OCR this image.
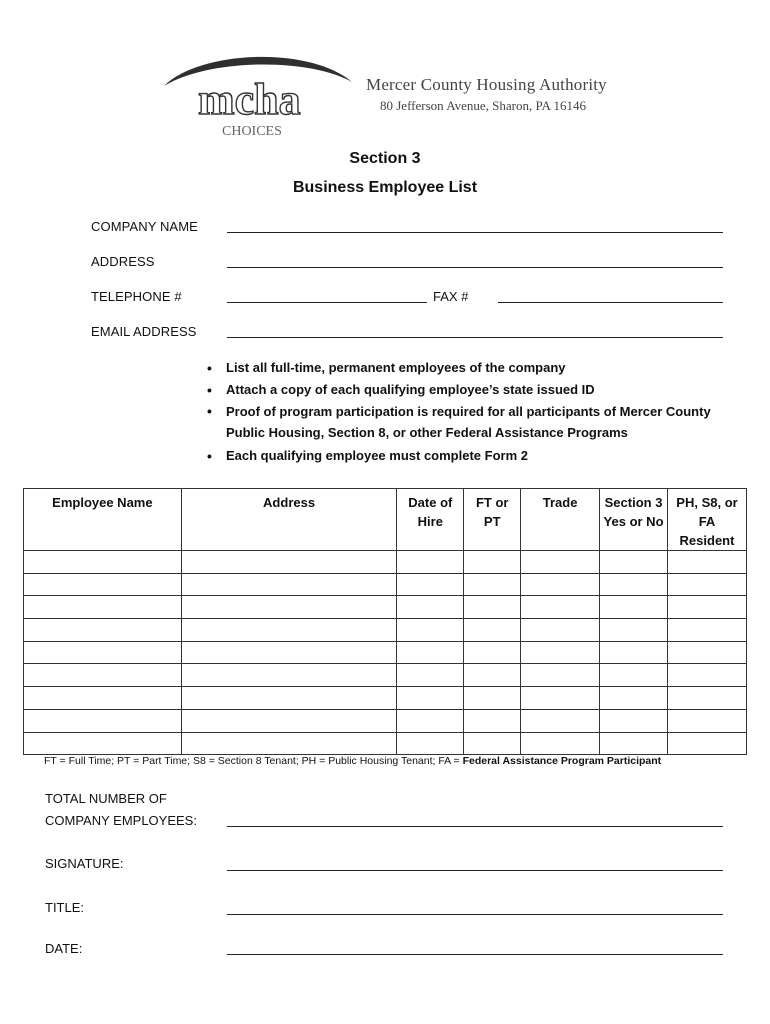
mcha
CHOICES
Mercer County Housing Authority
80 Jefferson Avenue, Sharon, PA 16146
Section 3
Business Employee List
COMPANY NAME
ADDRESS
TELEPHONE #	FAX #
EMAIL ADDRESS
• List all full-time, permanent employees of the company
• Attach a copy of each qualifying employee’s state issued ID
• Proof of program participation is required for all participants of Mercer County Public Housing, Section 8, or other Federal Assistance Programs
• Each qualifying employee must complete Form 2
Employee Name	Address	Date of Hire	FT or PT	Trade	Section 3 Yes or No	PH, S8, or FA Resident

FT = Full Time; PT = Part Time; S8 = Section 8 Tenant; PH = Public Housing Tenant; FA = Federal Assistance Program Participant
TOTAL NUMBER OF
COMPANY EMPLOYEES:
SIGNATURE:
TITLE:
DATE:
